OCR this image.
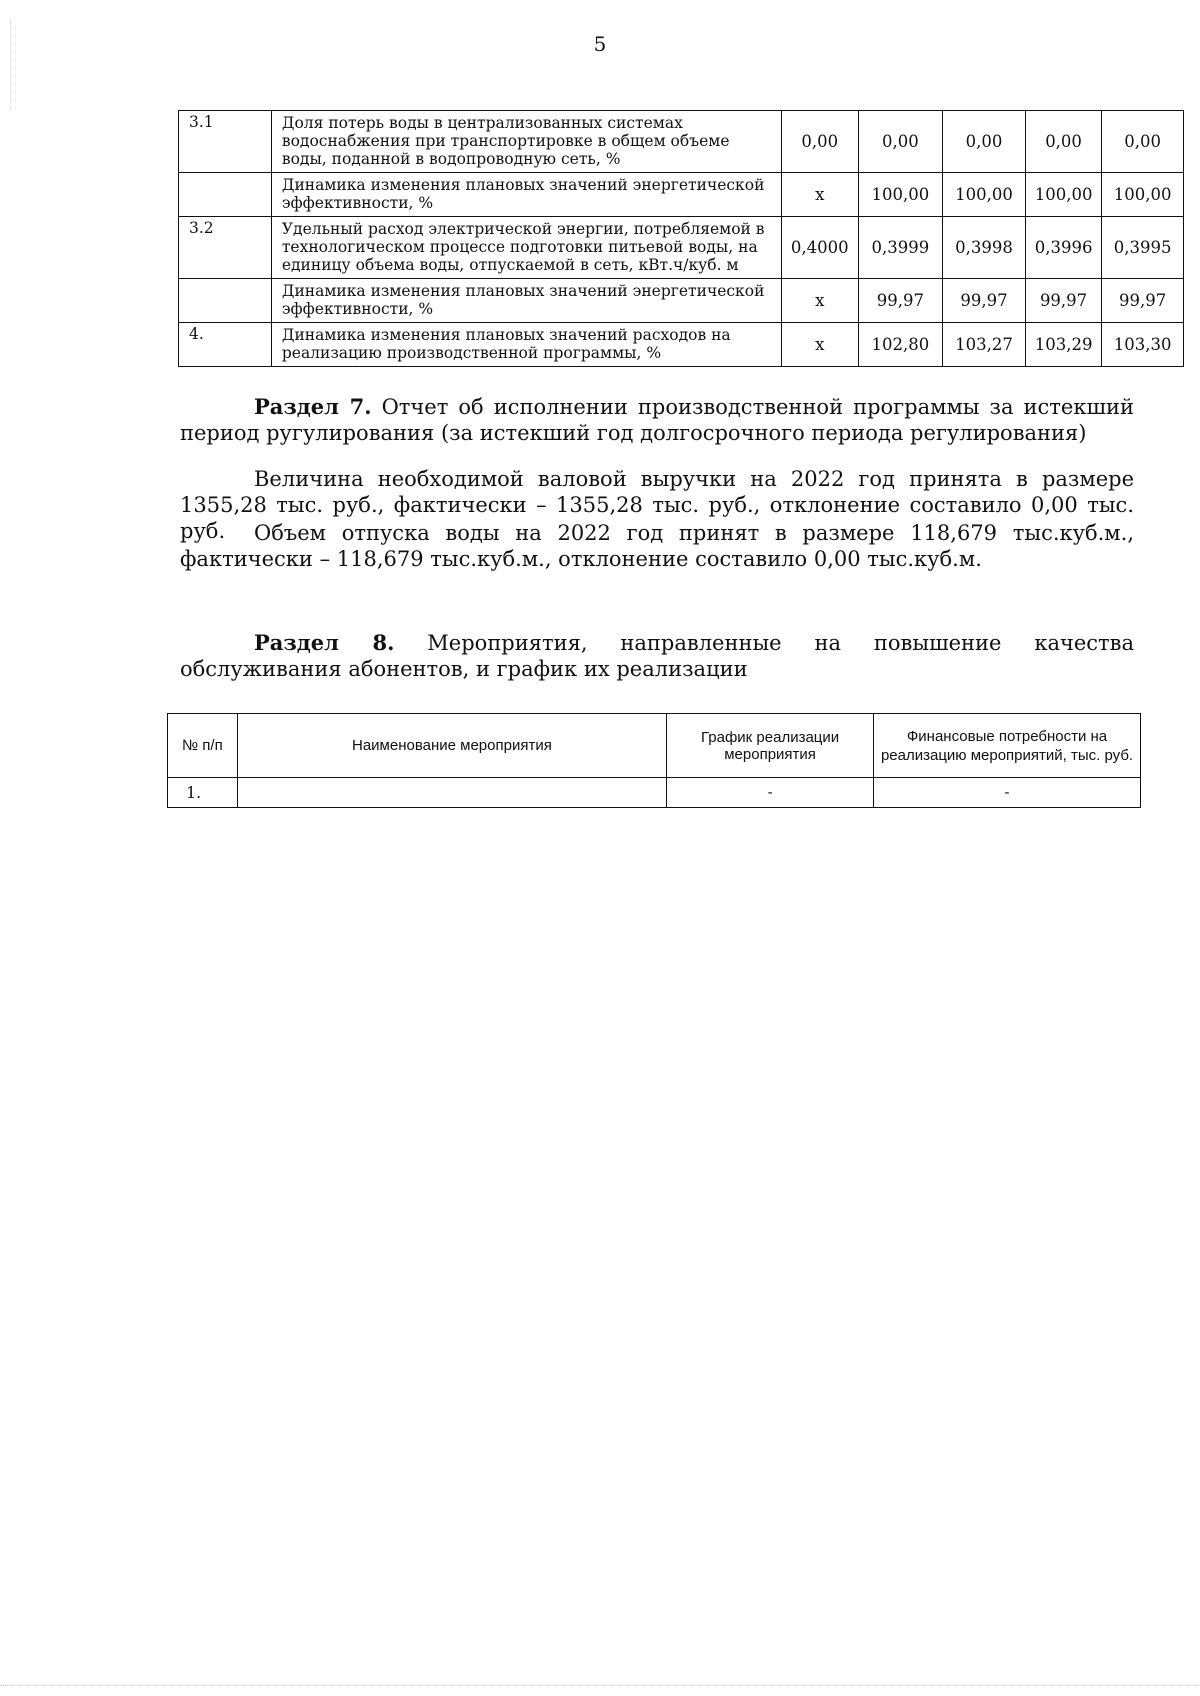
5
3.1	Доля потерь воды в централизованных системах водоснабжения при транспортировке в общем объеме воды, поданной в водопроводную сеть, %	0,00	0,00	0,00	0,00	0,00
	Динамика изменения плановых значений энергетической эффективности, %	х	100,00	100,00	100,00	100,00
3.2	Удельный расход электрической энергии, потребляемой в технологическом процессе подготовки питьевой воды, на единицу объема воды, отпускаемой в сеть, кВт.ч/куб. м	0,4000	0,3999	0,3998	0,3996	0,3995
	Динамика изменения плановых значений энергетической эффективности, %	х	99,97	99,97	99,97	99,97
4.	Динамика изменения плановых значений расходов на реализацию производственной программы, %	х	102,80	103,27	103,29	103,30
Раздел 7. Отчет об исполнении производственной программы за истекший период ругулирования (за истекший год долгосрочного периода регулирования)
Величина необходимой валовой выручки на 2022 год принята в размере 1355,28 тыс. руб., фактически – 1355,28 тыс. руб., отклонение составило 0,00 тыс. руб.	Объем отпуска воды на 2022 год принят в размере 118,679 тыс.куб.м., фактически – 118,679 тыс.куб.м., отклонение составило 0,00 тыс.куб.м.
Раздел 8. Мероприятия, направленные на повышение качества обслуживания абонентов, и график их реализации
№ п/п	Наименование мероприятия	График реализации мероприятия	Финансовые потребности на реализацию мероприятий, тыс. руб.
1.		-	-
